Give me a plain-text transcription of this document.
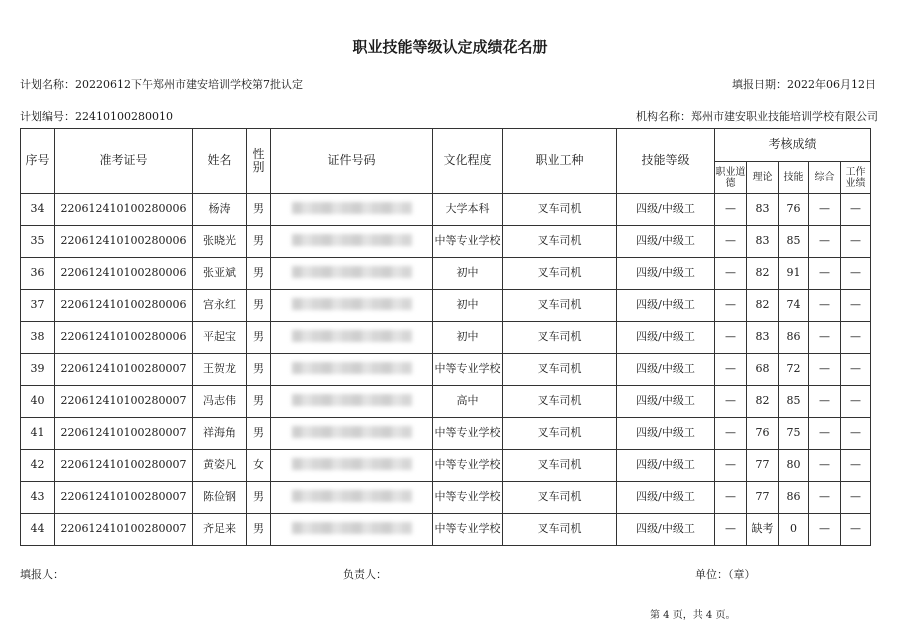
职业技能等级认定成绩花名册
计划名称：20220612下午郑州市建安培训学校第7批认定	填报日期：2022年06月12日
计划编号：22410100280010	机构名称：郑州市建安职业技能培训学校有限公司
序号	准考证号	姓名	性别	证件号码	文化程度	职业工种	技能等级	考核成绩				
								职业道德	理论	技能	综合	工作业绩
34	220612410100280006	杨涛	男		大学本科	叉车司机	四级/中级工	—	83	76	—	—
35	220612410100280006	张晓光	男		中等专业学校	叉车司机	四级/中级工	—	83	85	—	—
36	220612410100280006	张亚斌	男		初中	叉车司机	四级/中级工	—	82	91	—	—
37	220612410100280006	宫永红	男		初中	叉车司机	四级/中级工	—	82	74	—	—
38	220612410100280006	平起宝	男		初中	叉车司机	四级/中级工	—	83	86	—	—
39	220612410100280007	王贺龙	男		中等专业学校	叉车司机	四级/中级工	—	68	72	—	—
40	220612410100280007	冯志伟	男		高中	叉车司机	四级/中级工	—	82	85	—	—
41	220612410100280007	祥海角	男		中等专业学校	叉车司机	四级/中级工	—	76	75	—	—
42	220612410100280007	黄姿凡	女		中等专业学校	叉车司机	四级/中级工	—	77	80	—	—
43	220612410100280007	陈俭钢	男		中等专业学校	叉车司机	四级/中级工	—	77	86	—	—
44	220612410100280007	齐足来	男		中等专业学校	叉车司机	四级/中级工	—	缺考	0	—	—
填报人：	负责人：	单位：（章）
第 4 页，共 4 页。
